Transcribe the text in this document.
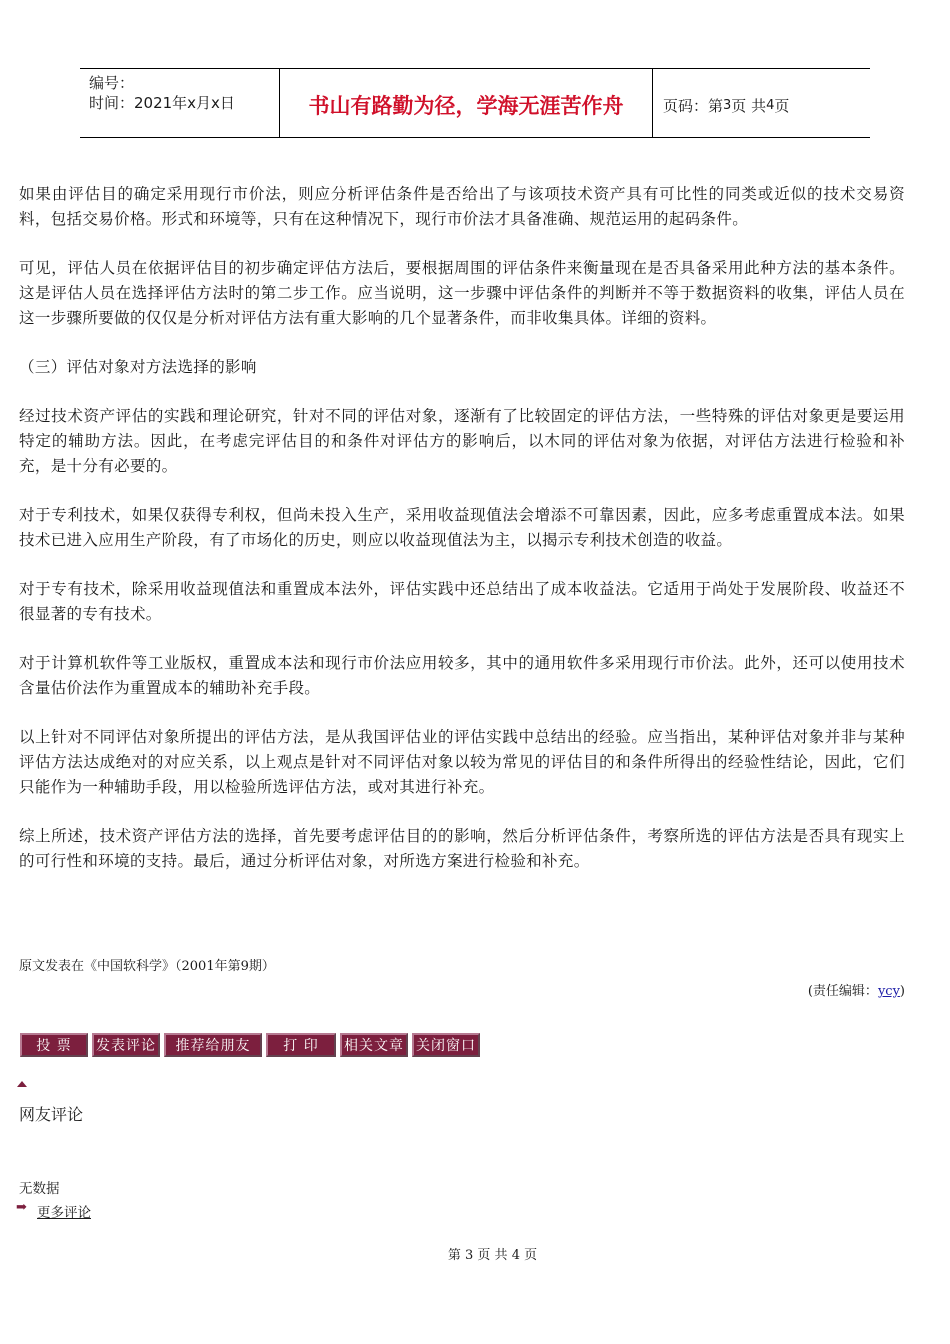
编号：
时间：2021年x月x日	书山有路勤为径，学海无涯苦作舟	页码：第 3 页 共 4 页

如果由评估目的确定采用现行市价法，则应分析评估条件是否给出了与该项技术资产具有可比性的同类或近似的技术交易资料，包括交易价格。形式和环境等，只有在这种情况下，现行市价法才具备准确、规范运用的起码条件。

可见，评估人员在依据评估目的初步确定评估方法后，要根据周围的评估条件来衡量现在是否具备采用此种方法的基本条件。这是评估人员在选择评估方法时的第二步工作。应当说明，这一步骤中评估条件的判断并不等于数据资料的收集，评估人员在这一步骤所要做的仅仅是分析对评估方法有重大影响的几个显著条件，而非收集具体。详细的资料。

（三）评估对象对方法选择的影响

经过技术资产评估的实践和理论研究，针对不同的评估对象，逐渐有了比较固定的评估方法，一些特殊的评估对象更是要运用特定的辅助方法。因此，在考虑完评估目的和条件对评估方的影响后，以木同的评估对象为依据，对评估方法进行检验和补充，是十分有必要的。

对于专利技术，如果仅获得专利权，但尚未投入生产，采用收益现值法会增添不可靠因素，因此，应多考虑重置成本法。如果技术已进入应用生产阶段，有了市场化的历史，则应以收益现值法为主，以揭示专利技术创造的收益。

对于专有技术，除采用收益现值法和重置成本法外，评估实践中还总结出了成本收益法。它适用于尚处于发展阶段、收益还不很显著的专有技术。

对于计算机软件等工业版权，重置成本法和现行市价法应用较多，其中的通用软件多采用现行市价法。此外，还可以使用技术含量估价法作为重置成本的辅助补充手段。

以上针对不同评估对象所提出的评估方法，是从我国评估业的评估实践中总结出的经验。应当指出，某种评估对象并非与某种评估方法达成绝对的对应关系，以上观点是针对不同评估对象以较为常见的评估目的和条件所得出的经验性结论，因此，它们只能作为一种辅助手段，用以检验所选评估方法，或对其进行补充。

综上所述，技术资产评估方法的选择，首先要考虑评估目的的影响，然后分析评估条件，考察所选的评估方法是否具有现实上的可行性和环境的支持。最后，通过分析评估对象，对所选方案进行检验和补充。

原文发表在《中国软科学》（2001年第9期）
(责任编辑：ycy)
投 票	发表评论	推荐给朋友	打 印	相关文章 关闭窗口
网友评论
无数据
➡ 更多评论
第 3 页 共 4 页
